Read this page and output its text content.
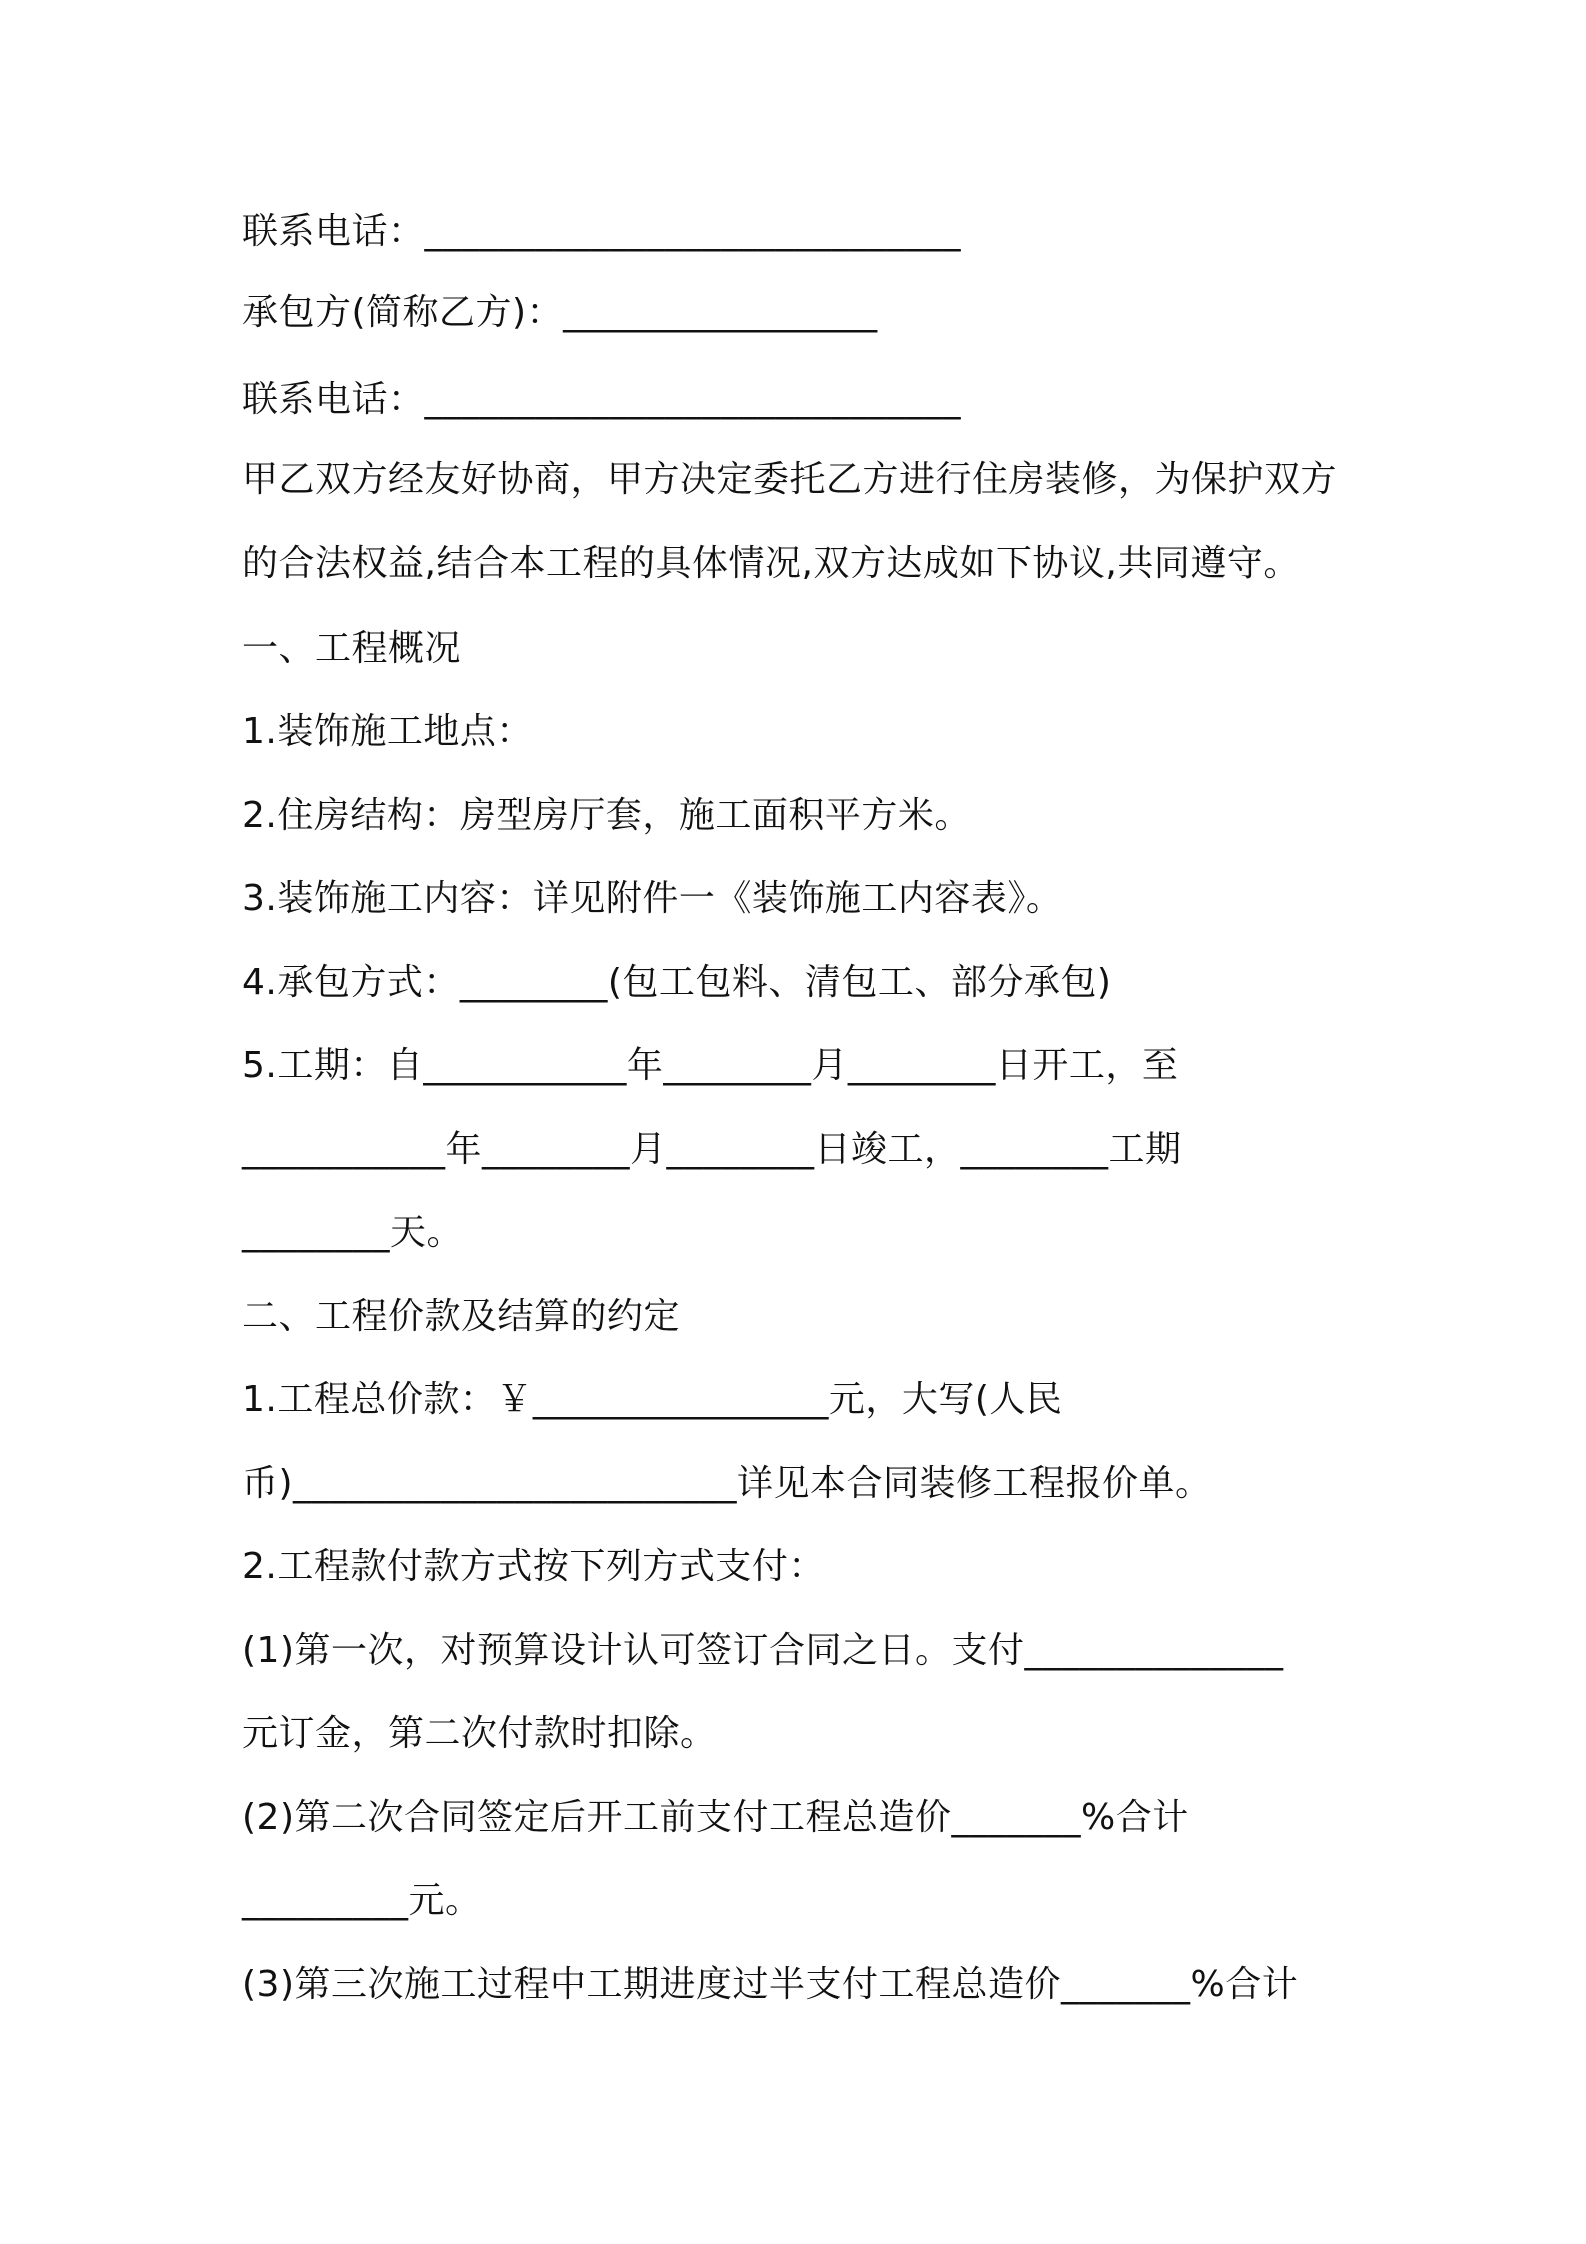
联系电话：_____________________________

承包方(简称乙方)：_________________

联系电话：_____________________________

甲乙双方经友好协商，甲方决定委托乙方进行住房装修，为保护双方

的合法权益,结合本工程的具体情况,双方达成如下协议,共同遵守。

一、工程概况

1.装饰施工地点：

2.住房结构：房型房厅套，施工面积平方米。

3.装饰施工内容：详见附件一《装饰施工内容表》。

4.承包方式：________(包工包料、清包工、部分承包)

5.工期：自___________年________月________日开工，至

___________年________月________日竣工，________工期

________天。

二、工程价款及结算的约定

1.工程总价款：￥________________元，大写(人民

币)________________________详见本合同装修工程报价单。

2.工程款付款方式按下列方式支付：

(1)第一次，对预算设计认可签订合同之日。支付______________

元订金，第二次付款时扣除。

(2)第二次合同签定后开工前支付工程总造价_______%合计

_________元。

(3)第三次施工过程中工期进度过半支付工程总造价_______%合计
